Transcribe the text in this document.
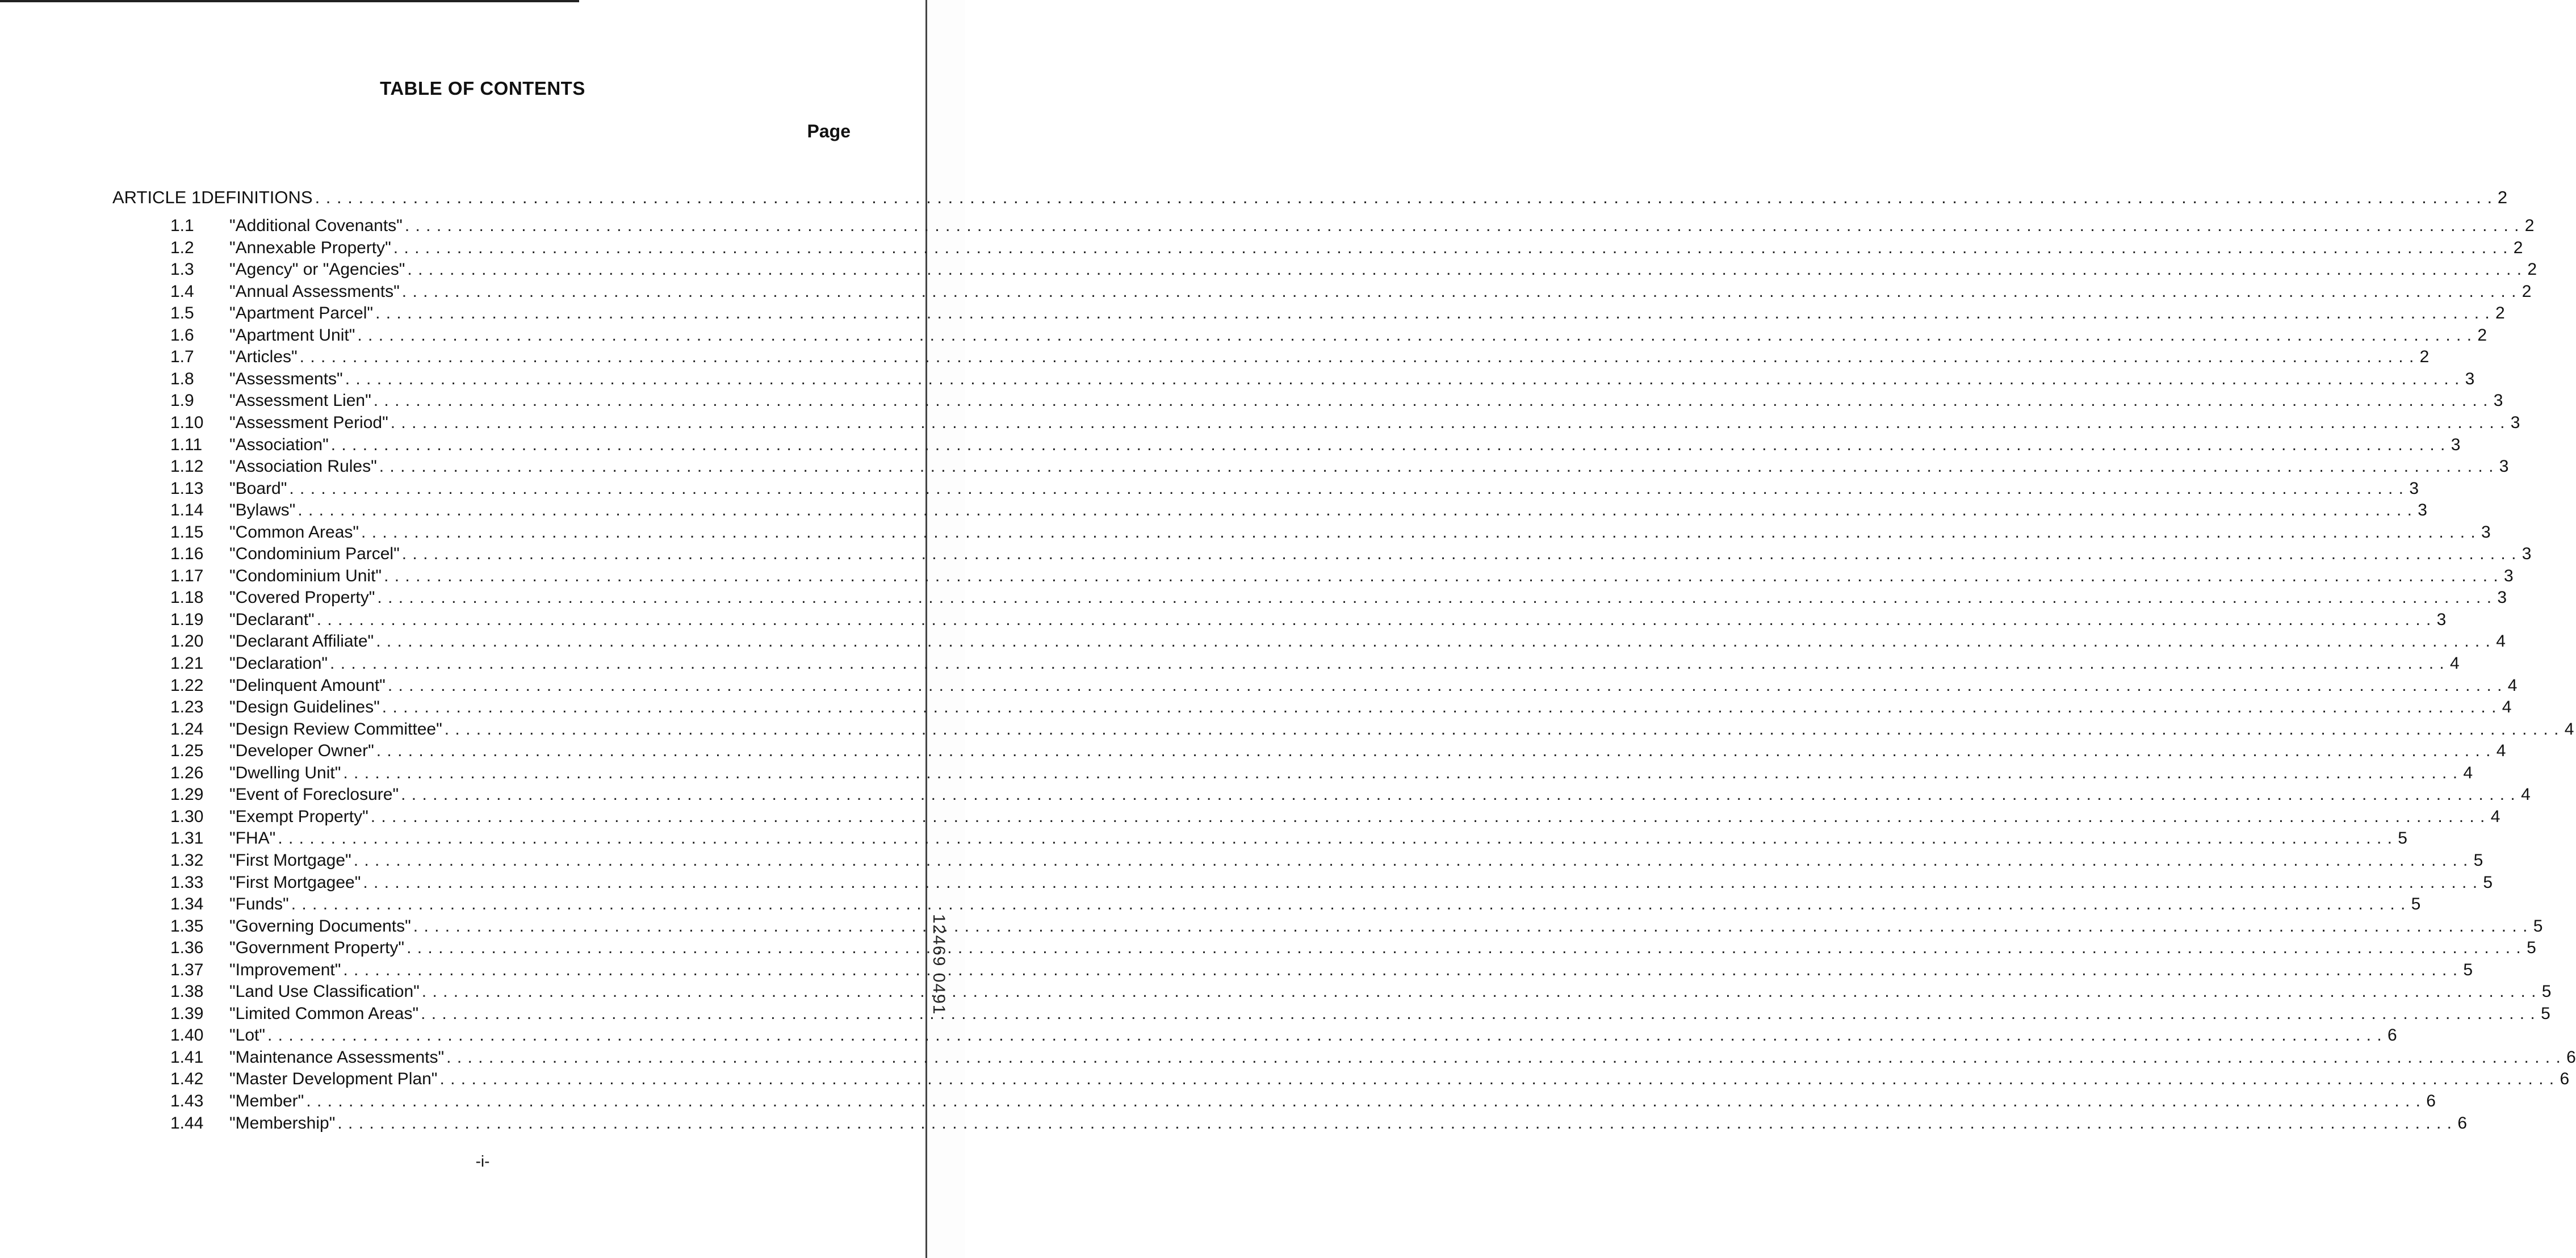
TABLE OF CONTENTS
Page
ARTICLE 1 DEFINITIONS . . . . . . . . . . . . . . . . . . . . . . . . . . . . . . . . . . . . . . . . . . . . . . . . . . . . . . . . . . . . . . . . . . . . . . . . . . . . . . . . . . . . . . . . . . . . . . . . . . . . . . . . . . . . . . . . . . . . . . . . . . . . . . . . . . . . . . . . . . . . . . . . . . . . . . . . . . . . . . . . . . . . . . . . . . . . . . . . . . . . . . . . . . . . . . . . . . . . . . . . 2
1.1	"Additional Covenants" . . . . . . . . . . . . . . . . . . . . . . . . . . . . . . . . . . . . . . . . . . . . . . . . . . . . . . . . . . . . . . . . . . . . . . . . . . . . . . . . . . . . . . . . . . . . . . . . . . . . . . . . . . . . . . . . . . . . . . . . . . . . . . . . . . . . . . . . . . . . . . . . . . . . . . . . . . . . . . . . . . . . . . . . . . . . . . . . . . . . . . . . . . . . . . . . . . . . . . . . 2
1.2	"Annexable Property" . . . . . . . . . . . . . . . . . . . . . . . . . . . . . . . . . . . . . . . . . . . . . . . . . . . . . . . . . . . . . . . . . . . . . . . . . . . . . . . . . . . . . . . . . . . . . . . . . . . . . . . . . . . . . . . . . . . . . . . . . . . . . . . . . . . . . . . . . . . . . . . . . . . . . . . . . . . . . . . . . . . . . . . . . . . . . . . . . . . . . . . . . . . . . . . . . . . . . . . . 2
1.3	"Agency" or "Agencies" . . . . . . . . . . . . . . . . . . . . . . . . . . . . . . . . . . . . . . . . . . . . . . . . . . . . . . . . . . . . . . . . . . . . . . . . . . . . . . . . . . . . . . . . . . . . . . . . . . . . . . . . . . . . . . . . . . . . . . . . . . . . . . . . . . . . . . . . . . . . . . . . . . . . . . . . . . . . . . . . . . . . . . . . . . . . . . . . . . . . . . . . . . . . . . . . . . . . . . . . 2
1.4	"Annual Assessments" . . . . . . . . . . . . . . . . . . . . . . . . . . . . . . . . . . . . . . . . . . . . . . . . . . . . . . . . . . . . . . . . . . . . . . . . . . . . . . . . . . . . . . . . . . . . . . . . . . . . . . . . . . . . . . . . . . . . . . . . . . . . . . . . . . . . . . . . . . . . . . . . . . . . . . . . . . . . . . . . . . . . . . . . . . . . . . . . . . . . . . . . . . . . . . . . . . . . . . . . 2
1.5	"Apartment Parcel" . . . . . . . . . . . . . . . . . . . . . . . . . . . . . . . . . . . . . . . . . . . . . . . . . . . . . . . . . . . . . . . . . . . . . . . . . . . . . . . . . . . . . . . . . . . . . . . . . . . . . . . . . . . . . . . . . . . . . . . . . . . . . . . . . . . . . . . . . . . . . . . . . . . . . . . . . . . . . . . . . . . . . . . . . . . . . . . . . . . . . . . . . . . . . . . . . . . . . . . . 2
1.6	"Apartment Unit" . . . . . . . . . . . . . . . . . . . . . . . . . . . . . . . . . . . . . . . . . . . . . . . . . . . . . . . . . . . . . . . . . . . . . . . . . . . . . . . . . . . . . . . . . . . . . . . . . . . . . . . . . . . . . . . . . . . . . . . . . . . . . . . . . . . . . . . . . . . . . . . . . . . . . . . . . . . . . . . . . . . . . . . . . . . . . . . . . . . . . . . . . . . . . . . . . . . . . . . . 2
1.7	"Articles" . . . . . . . . . . . . . . . . . . . . . . . . . . . . . . . . . . . . . . . . . . . . . . . . . . . . . . . . . . . . . . . . . . . . . . . . . . . . . . . . . . . . . . . . . . . . . . . . . . . . . . . . . . . . . . . . . . . . . . . . . . . . . . . . . . . . . . . . . . . . . . . . . . . . . . . . . . . . . . . . . . . . . . . . . . . . . . . . . . . . . . . . . . . . . . . . . . . . . . . . 2
1.8	"Assessments" . . . . . . . . . . . . . . . . . . . . . . . . . . . . . . . . . . . . . . . . . . . . . . . . . . . . . . . . . . . . . . . . . . . . . . . . . . . . . . . . . . . . . . . . . . . . . . . . . . . . . . . . . . . . . . . . . . . . . . . . . . . . . . . . . . . . . . . . . . . . . . . . . . . . . . . . . . . . . . . . . . . . . . . . . . . . . . . . . . . . . . . . . . . . . . . . . . . . . . . . 3
1.9	"Assessment Lien" . . . . . . . . . . . . . . . . . . . . . . . . . . . . . . . . . . . . . . . . . . . . . . . . . . . . . . . . . . . . . . . . . . . . . . . . . . . . . . . . . . . . . . . . . . . . . . . . . . . . . . . . . . . . . . . . . . . . . . . . . . . . . . . . . . . . . . . . . . . . . . . . . . . . . . . . . . . . . . . . . . . . . . . . . . . . . . . . . . . . . . . . . . . . . . . . . . . . . . . . 3
1.10	"Assessment Period" . . . . . . . . . . . . . . . . . . . . . . . . . . . . . . . . . . . . . . . . . . . . . . . . . . . . . . . . . . . . . . . . . . . . . . . . . . . . . . . . . . . . . . . . . . . . . . . . . . . . . . . . . . . . . . . . . . . . . . . . . . . . . . . . . . . . . . . . . . . . . . . . . . . . . . . . . . . . . . . . . . . . . . . . . . . . . . . . . . . . . . . . . . . . . . . . . . . . . . . . 3
1.11	"Association" . . . . . . . . . . . . . . . . . . . . . . . . . . . . . . . . . . . . . . . . . . . . . . . . . . . . . . . . . . . . . . . . . . . . . . . . . . . . . . . . . . . . . . . . . . . . . . . . . . . . . . . . . . . . . . . . . . . . . . . . . . . . . . . . . . . . . . . . . . . . . . . . . . . . . . . . . . . . . . . . . . . . . . . . . . . . . . . . . . . . . . . . . . . . . . . . . . . . . . . . 3
1.12	"Association Rules" . . . . . . . . . . . . . . . . . . . . . . . . . . . . . . . . . . . . . . . . . . . . . . . . . . . . . . . . . . . . . . . . . . . . . . . . . . . . . . . . . . . . . . . . . . . . . . . . . . . . . . . . . . . . . . . . . . . . . . . . . . . . . . . . . . . . . . . . . . . . . . . . . . . . . . . . . . . . . . . . . . . . . . . . . . . . . . . . . . . . . . . . . . . . . . . . . . . . . . . . 3
1.13	"Board" . . . . . . . . . . . . . . . . . . . . . . . . . . . . . . . . . . . . . . . . . . . . . . . . . . . . . . . . . . . . . . . . . . . . . . . . . . . . . . . . . . . . . . . . . . . . . . . . . . . . . . . . . . . . . . . . . . . . . . . . . . . . . . . . . . . . . . . . . . . . . . . . . . . . . . . . . . . . . . . . . . . . . . . . . . . . . . . . . . . . . . . . . . . . . . . . . . . . . . . . 3
1.14	"Bylaws" . . . . . . . . . . . . . . . . . . . . . . . . . . . . . . . . . . . . . . . . . . . . . . . . . . . . . . . . . . . . . . . . . . . . . . . . . . . . . . . . . . . . . . . . . . . . . . . . . . . . . . . . . . . . . . . . . . . . . . . . . . . . . . . . . . . . . . . . . . . . . . . . . . . . . . . . . . . . . . . . . . . . . . . . . . . . . . . . . . . . . . . . . . . . . . . . . . . . . . . . 3
1.15	"Common Areas" . . . . . . . . . . . . . . . . . . . . . . . . . . . . . . . . . . . . . . . . . . . . . . . . . . . . . . . . . . . . . . . . . . . . . . . . . . . . . . . . . . . . . . . . . . . . . . . . . . . . . . . . . . . . . . . . . . . . . . . . . . . . . . . . . . . . . . . . . . . . . . . . . . . . . . . . . . . . . . . . . . . . . . . . . . . . . . . . . . . . . . . . . . . . . . . . . . . . . . . . 3
1.16	"Condominium Parcel" . . . . . . . . . . . . . . . . . . . . . . . . . . . . . . . . . . . . . . . . . . . . . . . . . . . . . . . . . . . . . . . . . . . . . . . . . . . . . . . . . . . . . . . . . . . . . . . . . . . . . . . . . . . . . . . . . . . . . . . . . . . . . . . . . . . . . . . . . . . . . . . . . . . . . . . . . . . . . . . . . . . . . . . . . . . . . . . . . . . . . . . . . . . . . . . . . . . . . . . . 3
1.17	"Condominium Unit" . . . . . . . . . . . . . . . . . . . . . . . . . . . . . . . . . . . . . . . . . . . . . . . . . . . . . . . . . . . . . . . . . . . . . . . . . . . . . . . . . . . . . . . . . . . . . . . . . . . . . . . . . . . . . . . . . . . . . . . . . . . . . . . . . . . . . . . . . . . . . . . . . . . . . . . . . . . . . . . . . . . . . . . . . . . . . . . . . . . . . . . . . . . . . . . . . . . . . . . . 3
1.18	"Covered Property" . . . . . . . . . . . . . . . . . . . . . . . . . . . . . . . . . . . . . . . . . . . . . . . . . . . . . . . . . . . . . . . . . . . . . . . . . . . . . . . . . . . . . . . . . . . . . . . . . . . . . . . . . . . . . . . . . . . . . . . . . . . . . . . . . . . . . . . . . . . . . . . . . . . . . . . . . . . . . . . . . . . . . . . . . . . . . . . . . . . . . . . . . . . . . . . . . . . . . . . . 3
1.19	"Declarant" . . . . . . . . . . . . . . . . . . . . . . . . . . . . . . . . . . . . . . . . . . . . . . . . . . . . . . . . . . . . . . . . . . . . . . . . . . . . . . . . . . . . . . . . . . . . . . . . . . . . . . . . . . . . . . . . . . . . . . . . . . . . . . . . . . . . . . . . . . . . . . . . . . . . . . . . . . . . . . . . . . . . . . . . . . . . . . . . . . . . . . . . . . . . . . . . . . . . . . . . 3
1.20	"Declarant Affiliate" . . . . . . . . . . . . . . . . . . . . . . . . . . . . . . . . . . . . . . . . . . . . . . . . . . . . . . . . . . . . . . . . . . . . . . . . . . . . . . . . . . . . . . . . . . . . . . . . . . . . . . . . . . . . . . . . . . . . . . . . . . . . . . . . . . . . . . . . . . . . . . . . . . . . . . . . . . . . . . . . . . . . . . . . . . . . . . . . . . . . . . . . . . . . . . . . . . . . . . . . 4
1.21	"Declaration" . . . . . . . . . . . . . . . . . . . . . . . . . . . . . . . . . . . . . . . . . . . . . . . . . . . . . . . . . . . . . . . . . . . . . . . . . . . . . . . . . . . . . . . . . . . . . . . . . . . . . . . . . . . . . . . . . . . . . . . . . . . . . . . . . . . . . . . . . . . . . . . . . . . . . . . . . . . . . . . . . . . . . . . . . . . . . . . . . . . . . . . . . . . . . . . . . . . . . . . . 4
1.22	"Delinquent Amount" . . . . . . . . . . . . . . . . . . . . . . . . . . . . . . . . . . . . . . . . . . . . . . . . . . . . . . . . . . . . . . . . . . . . . . . . . . . . . . . . . . . . . . . . . . . . . . . . . . . . . . . . . . . . . . . . . . . . . . . . . . . . . . . . . . . . . . . . . . . . . . . . . . . . . . . . . . . . . . . . . . . . . . . . . . . . . . . . . . . . . . . . . . . . . . . . . . . . . . . . 4
1.23	"Design Guidelines" . . . . . . . . . . . . . . . . . . . . . . . . . . . . . . . . . . . . . . . . . . . . . . . . . . . . . . . . . . . . . . . . . . . . . . . . . . . . . . . . . . . . . . . . . . . . . . . . . . . . . . . . . . . . . . . . . . . . . . . . . . . . . . . . . . . . . . . . . . . . . . . . . . . . . . . . . . . . . . . . . . . . . . . . . . . . . . . . . . . . . . . . . . . . . . . . . . . . . . . . 4
1.24	"Design Review Committee" . . . . . . . . . . . . . . . . . . . . . . . . . . . . . . . . . . . . . . . . . . . . . . . . . . . . . . . . . . . . . . . . . . . . . . . . . . . . . . . . . . . . . . . . . . . . . . . . . . . . . . . . . . . . . . . . . . . . . . . . . . . . . . . . . . . . . . . . . . . . . . . . . . . . . . . . . . . . . . . . . . . . . . . . . . . . . . . . . . . . . . . . . . . . . . . . . . . . . . . . 4
1.25	"Developer Owner" . . . . . . . . . . . . . . . . . . . . . . . . . . . . . . . . . . . . . . . . . . . . . . . . . . . . . . . . . . . . . . . . . . . . . . . . . . . . . . . . . . . . . . . . . . . . . . . . . . . . . . . . . . . . . . . . . . . . . . . . . . . . . . . . . . . . . . . . . . . . . . . . . . . . . . . . . . . . . . . . . . . . . . . . . . . . . . . . . . . . . . . . . . . . . . . . . . . . . . . . 4
1.26	"Dwelling Unit" . . . . . . . . . . . . . . . . . . . . . . . . . . . . . . . . . . . . . . . . . . . . . . . . . . . . . . . . . . . . . . . . . . . . . . . . . . . . . . . . . . . . . . . . . . . . . . . . . . . . . . . . . . . . . . . . . . . . . . . . . . . . . . . . . . . . . . . . . . . . . . . . . . . . . . . . . . . . . . . . . . . . . . . . . . . . . . . . . . . . . . . . . . . . . . . . . . . . . . . . 4
1.29	"Event of Foreclosure" . . . . . . . . . . . . . . . . . . . . . . . . . . . . . . . . . . . . . . . . . . . . . . . . . . . . . . . . . . . . . . . . . . . . . . . . . . . . . . . . . . . . . . . . . . . . . . . . . . . . . . . . . . . . . . . . . . . . . . . . . . . . . . . . . . . . . . . . . . . . . . . . . . . . . . . . . . . . . . . . . . . . . . . . . . . . . . . . . . . . . . . . . . . . . . . . . . . . . . . . 4
1.30	"Exempt Property" . . . . . . . . . . . . . . . . . . . . . . . . . . . . . . . . . . . . . . . . . . . . . . . . . . . . . . . . . . . . . . . . . . . . . . . . . . . . . . . . . . . . . . . . . . . . . . . . . . . . . . . . . . . . . . . . . . . . . . . . . . . . . . . . . . . . . . . . . . . . . . . . . . . . . . . . . . . . . . . . . . . . . . . . . . . . . . . . . . . . . . . . . . . . . . . . . . . . . . . . 4
1.31	"FHA" . . . . . . . . . . . . . . . . . . . . . . . . . . . . . . . . . . . . . . . . . . . . . . . . . . . . . . . . . . . . . . . . . . . . . . . . . . . . . . . . . . . . . . . . . . . . . . . . . . . . . . . . . . . . . . . . . . . . . . . . . . . . . . . . . . . . . . . . . . . . . . . . . . . . . . . . . . . . . . . . . . . . . . . . . . . . . . . . . . . . . . . . . . . . . . . . . . . . . . . . 5
1.32	"First Mortgage" . . . . . . . . . . . . . . . . . . . . . . . . . . . . . . . . . . . . . . . . . . . . . . . . . . . . . . . . . . . . . . . . . . . . . . . . . . . . . . . . . . . . . . . . . . . . . . . . . . . . . . . . . . . . . . . . . . . . . . . . . . . . . . . . . . . . . . . . . . . . . . . . . . . . . . . . . . . . . . . . . . . . . . . . . . . . . . . . . . . . . . . . . . . . . . . . . . . . . . . . 5
1.33	"First Mortgagee" . . . . . . . . . . . . . . . . . . . . . . . . . . . . . . . . . . . . . . . . . . . . . . . . . . . . . . . . . . . . . . . . . . . . . . . . . . . . . . . . . . . . . . . . . . . . . . . . . . . . . . . . . . . . . . . . . . . . . . . . . . . . . . . . . . . . . . . . . . . . . . . . . . . . . . . . . . . . . . . . . . . . . . . . . . . . . . . . . . . . . . . . . . . . . . . . . . . . . . . . 5
1.34	"Funds" . . . . . . . . . . . . . . . . . . . . . . . . . . . . . . . . . . . . . . . . . . . . . . . . . . . . . . . . . . . . . . . . . . . . . . . . . . . . . . . . . . . . . . . . . . . . . . . . . . . . . . . . . . . . . . . . . . . . . . . . . . . . . . . . . . . . . . . . . . . . . . . . . . . . . . . . . . . . . . . . . . . . . . . . . . . . . . . . . . . . . . . . . . . . . . . . . . . . . . . . 5
1.35	"Governing Documents" . . . . . . . . . . . . . . . . . . . . . . . . . . . . . . . . . . . . . . . . . . . . . . . . . . . . . . . . . . . . . . . . . . . . . . . . . . . . . . . . . . . . . . . . . . . . . . . . . . . . . . . . . . . . . . . . . . . . . . . . . . . . . . . . . . . . . . . . . . . . . . . . . . . . . . . . . . . . . . . . . . . . . . . . . . . . . . . . . . . . . . . . . . . . . . . . . . . . . . . . 5
1.36	"Government Property" . . . . . . . . . . . . . . . . . . . . . . . . . . . . . . . . . . . . . . . . . . . . . . . . . . . . . . . . . . . . . . . . . . . . . . . . . . . . . . . . . . . . . . . . . . . . . . . . . . . . . . . . . . . . . . . . . . . . . . . . . . . . . . . . . . . . . . . . . . . . . . . . . . . . . . . . . . . . . . . . . . . . . . . . . . . . . . . . . . . . . . . . . . . . . . . . . . . . . . . . 5
1.37	"Improvement" . . . . . . . . . . . . . . . . . . . . . . . . . . . . . . . . . . . . . . . . . . . . . . . . . . . . . . . . . . . . . . . . . . . . . . . . . . . . . . . . . . . . . . . . . . . . . . . . . . . . . . . . . . . . . . . . . . . . . . . . . . . . . . . . . . . . . . . . . . . . . . . . . . . . . . . . . . . . . . . . . . . . . . . . . . . . . . . . . . . . . . . . . . . . . . . . . . . . . . . . 5
1.38	"Land Use Classification" . . . . . . . . . . . . . . . . . . . . . . . . . . . . . . . . . . . . . . . . . . . . . . . . . . . . . . . . . . . . . . . . . . . . . . . . . . . . . . . . . . . . . . . . . . . . . . . . . . . . . . . . . . . . . . . . . . . . . . . . . . . . . . . . . . . . . . . . . . . . . . . . . . . . . . . . . . . . . . . . . . . . . . . . . . . . . . . . . . . . . . . . . . . . . . . . . . . . . . . . 5
1.39	"Limited Common Areas" . . . . . . . . . . . . . . . . . . . . . . . . . . . . . . . . . . . . . . . . . . . . . . . . . . . . . . . . . . . . . . . . . . . . . . . . . . . . . . . . . . . . . . . . . . . . . . . . . . . . . . . . . . . . . . . . . . . . . . . . . . . . . . . . . . . . . . . . . . . . . . . . . . . . . . . . . . . . . . . . . . . . . . . . . . . . . . . . . . . . . . . . . . . . . . . . . . . . . . . . 5
1.40	"Lot" . . . . . . . . . . . . . . . . . . . . . . . . . . . . . . . . . . . . . . . . . . . . . . . . . . . . . . . . . . . . . . . . . . . . . . . . . . . . . . . . . . . . . . . . . . . . . . . . . . . . . . . . . . . . . . . . . . . . . . . . . . . . . . . . . . . . . . . . . . . . . . . . . . . . . . . . . . . . . . . . . . . . . . . . . . . . . . . . . . . . . . . . . . . . . . . . . . . . . . . . 6
1.41	"Maintenance Assessments" . . . . . . . . . . . . . . . . . . . . . . . . . . . . . . . . . . . . . . . . . . . . . . . . . . . . . . . . . . . . . . . . . . . . . . . . . . . . . . . . . . . . . . . . . . . . . . . . . . . . . . . . . . . . . . . . . . . . . . . . . . . . . . . . . . . . . . . . . . . . . . . . . . . . . . . . . . . . . . . . . . . . . . . . . . . . . . . . . . . . . . . . . . . . . . . . . . . . . . . . 6
1.42	"Master Development Plan" . . . . . . . . . . . . . . . . . . . . . . . . . . . . . . . . . . . . . . . . . . . . . . . . . . . . . . . . . . . . . . . . . . . . . . . . . . . . . . . . . . . . . . . . . . . . . . . . . . . . . . . . . . . . . . . . . . . . . . . . . . . . . . . . . . . . . . . . . . . . . . . . . . . . . . . . . . . . . . . . . . . . . . . . . . . . . . . . . . . . . . . . . . . . . . . . . . . . . . . . 6
1.43	"Member" . . . . . . . . . . . . . . . . . . . . . . . . . . . . . . . . . . . . . . . . . . . . . . . . . . . . . . . . . . . . . . . . . . . . . . . . . . . . . . . . . . . . . . . . . . . . . . . . . . . . . . . . . . . . . . . . . . . . . . . . . . . . . . . . . . . . . . . . . . . . . . . . . . . . . . . . . . . . . . . . . . . . . . . . . . . . . . . . . . . . . . . . . . . . . . . . . . . . . . . . 6
1.44	"Membership" . . . . . . . . . . . . . . . . . . . . . . . . . . . . . . . . . . . . . . . . . . . . . . . . . . . . . . . . . . . . . . . . . . . . . . . . . . . . . . . . . . . . . . . . . . . . . . . . . . . . . . . . . . . . . . . . . . . . . . . . . . . . . . . . . . . . . . . . . . . . . . . . . . . . . . . . . . . . . . . . . . . . . . . . . . . . . . . . . . . . . . . . . . . . . . . . . . . . . . . . 6
-i-
12469 0491
